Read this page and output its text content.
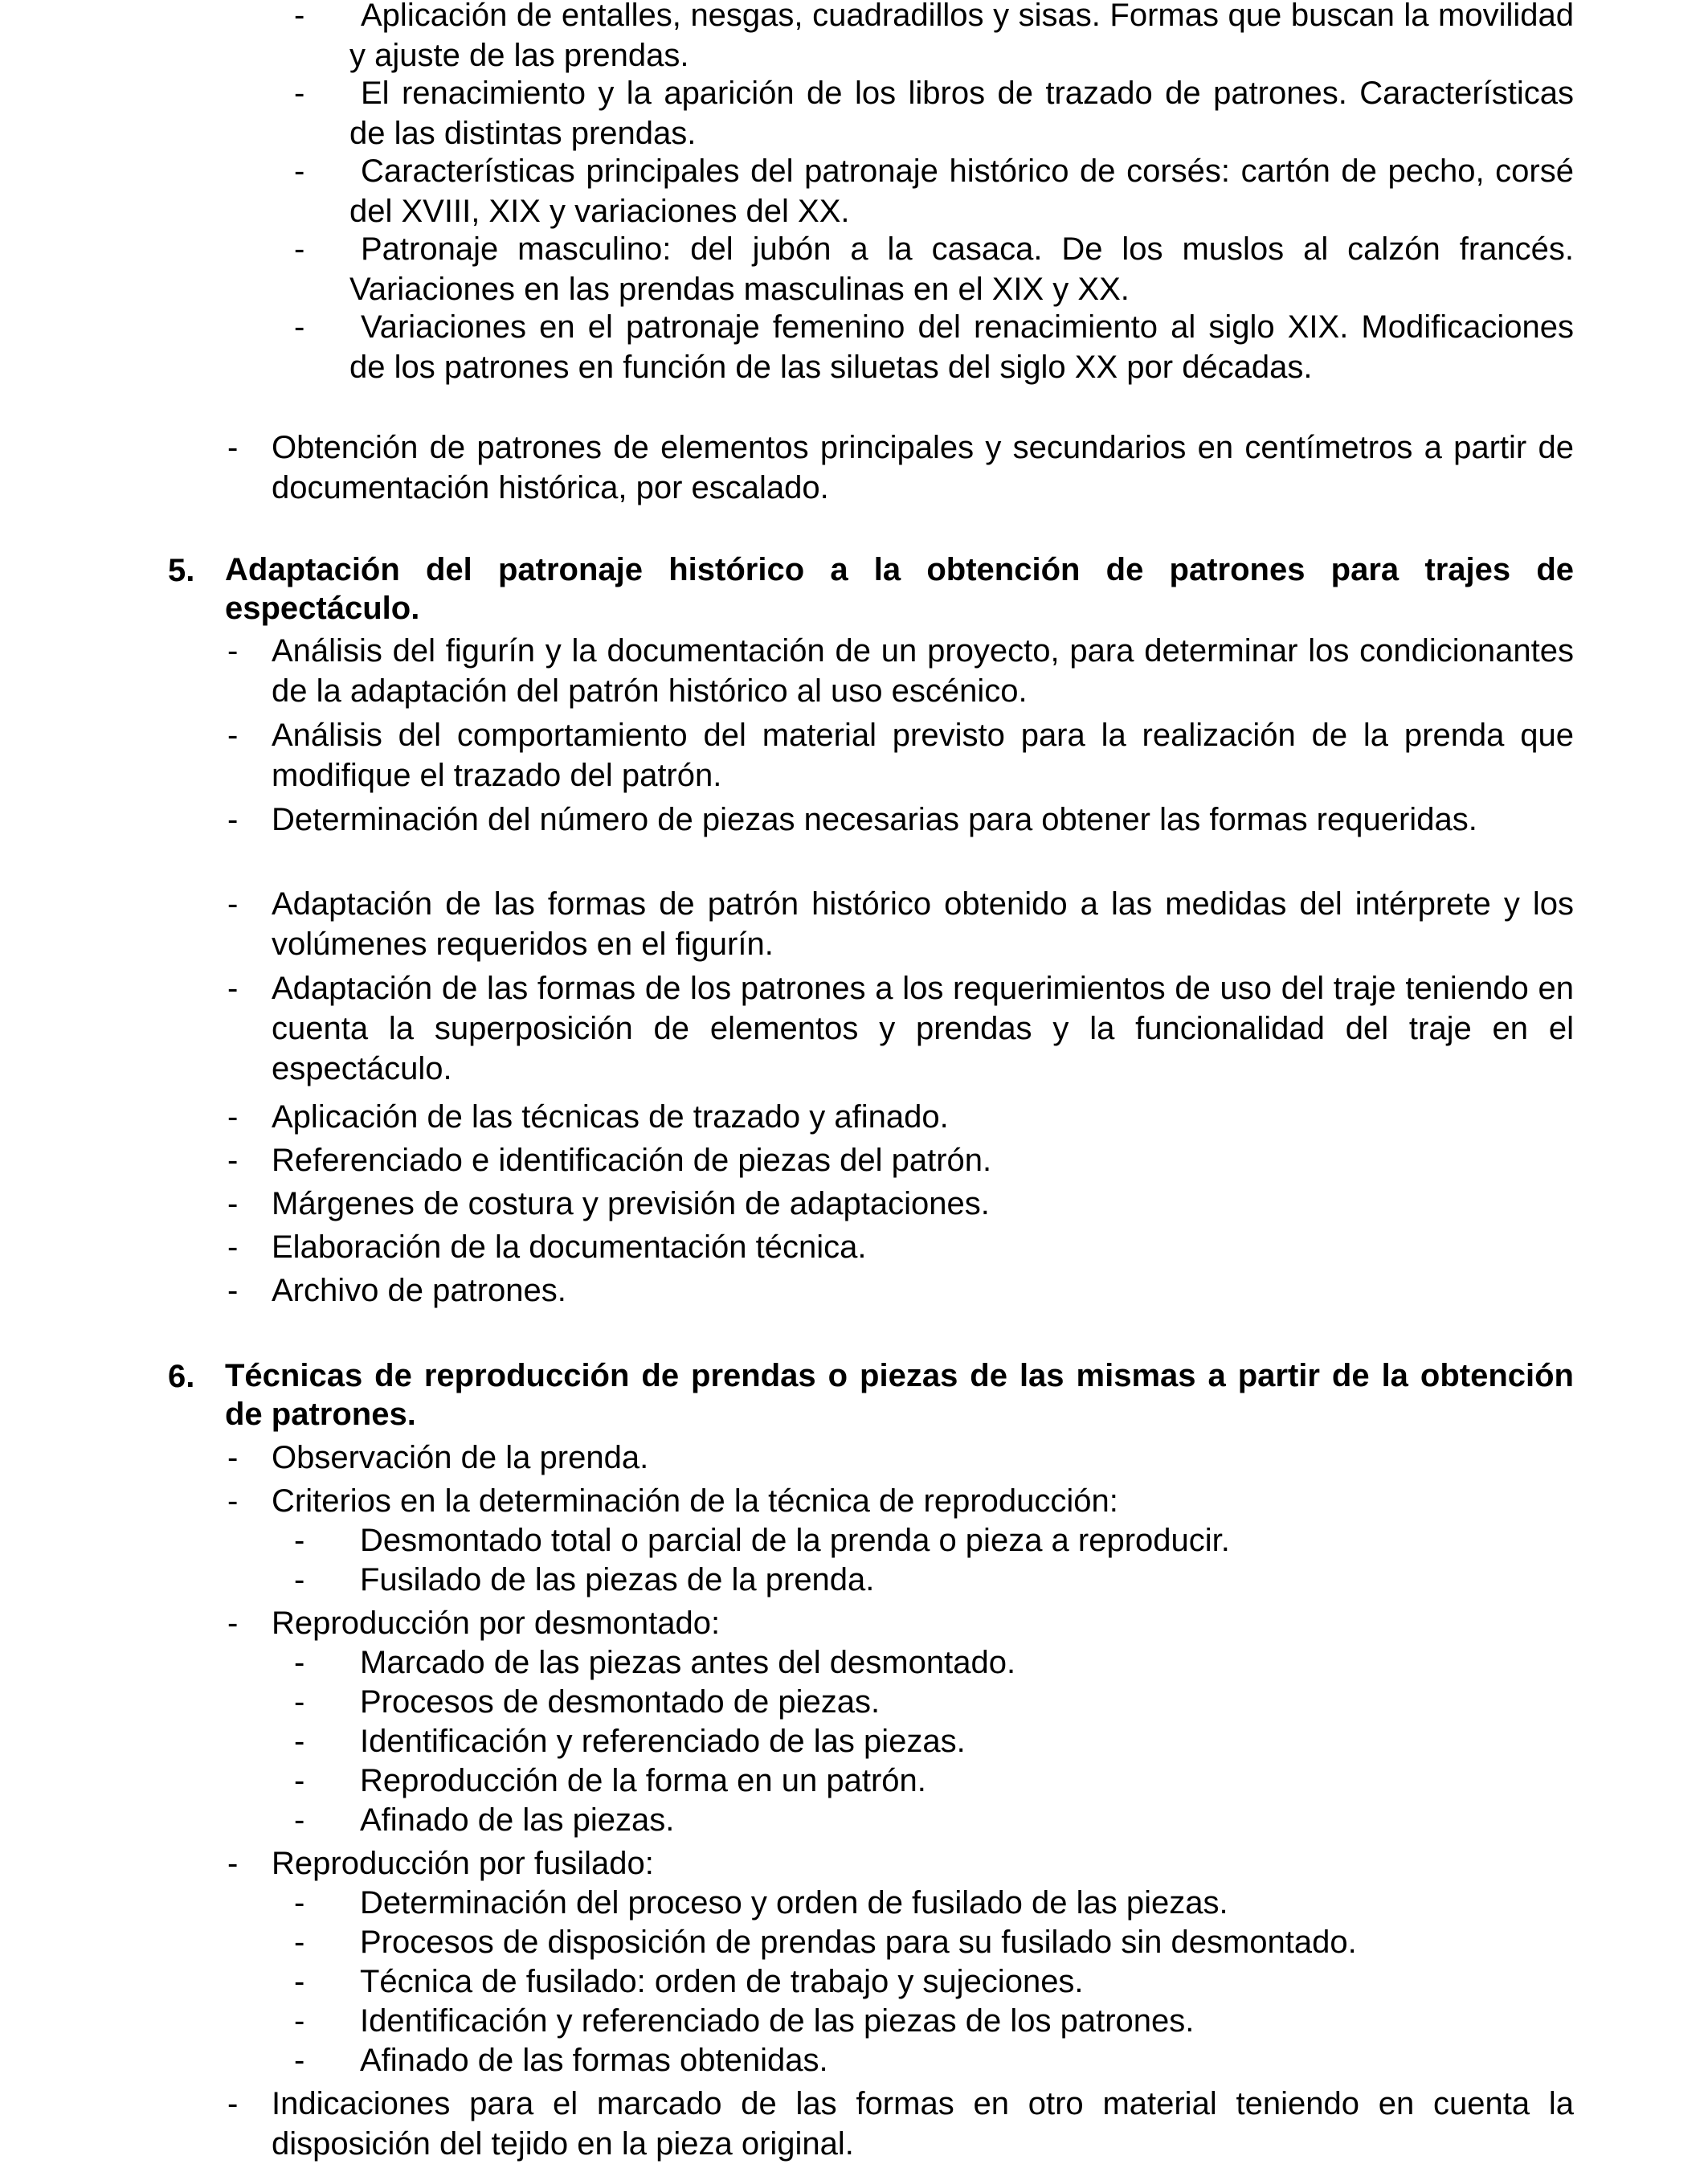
-	Aplicación de entalles, nesgas, cuadradillos y sisas. Formas que buscan la movilidad y ajuste de las prendas.
-	El renacimiento y la aparición de los libros de trazado de patrones. Características de las distintas prendas.
-	Características principales del patronaje histórico de corsés: cartón de pecho, corsé del XVIII, XIX y variaciones del XX.
-	Patronaje masculino: del jubón a la casaca. De los muslos al calzón francés. Variaciones en las prendas masculinas en el XIX y XX.
-	Variaciones en el patronaje femenino del renacimiento al siglo XIX. Modificaciones de los patrones en función de las siluetas del siglo XX por décadas.
- Obtención de patrones de elementos principales y secundarios en centímetros a partir de documentación histórica, por escalado.
5. Adaptación del patronaje histórico a la obtención de patrones para trajes de espectáculo.
- Análisis del figurín y la documentación de un proyecto, para determinar los condicionantes de la adaptación del patrón histórico al uso escénico.
- Análisis del comportamiento del material previsto para la realización de la prenda que modifique el trazado del patrón.
- Determinación del número de piezas necesarias para obtener las formas requeridas.
- Adaptación de las formas de patrón histórico obtenido a las medidas del intérprete y los volúmenes requeridos en el figurín.
- Adaptación de las formas de los patrones a los requerimientos de uso del traje teniendo en cuenta la superposición de elementos y prendas y la funcionalidad del traje en el espectáculo.
- Aplicación de las técnicas de trazado y afinado.
- Referenciado e identificación de piezas del patrón.
- Márgenes de costura y previsión de adaptaciones.
- Elaboración de la documentación técnica.
- Archivo de patrones.
6. Técnicas de reproducción de prendas o piezas de las mismas a partir de la obtención de patrones.
- Observación de la prenda.
- Criterios en la determinación de la técnica de reproducción:
- Desmontado total o parcial de la prenda o pieza a reproducir.
- Fusilado de las piezas de la prenda.
- Reproducción por desmontado:
- Marcado de las piezas antes del desmontado.
- Procesos de desmontado de piezas.
- Identificación y referenciado de las piezas.
- Reproducción de la forma en un patrón.
- Afinado de las piezas.
- Reproducción por fusilado:
- Determinación del proceso y orden de fusilado de las piezas.
- Procesos de disposición de prendas para su fusilado sin desmontado.
- Técnica de fusilado: orden de trabajo y sujeciones.
- Identificación y referenciado de las piezas de los patrones.
- Afinado de las formas obtenidas.
- Indicaciones para el marcado de las formas en otro material teniendo en cuenta la disposición del tejido en la pieza original.
